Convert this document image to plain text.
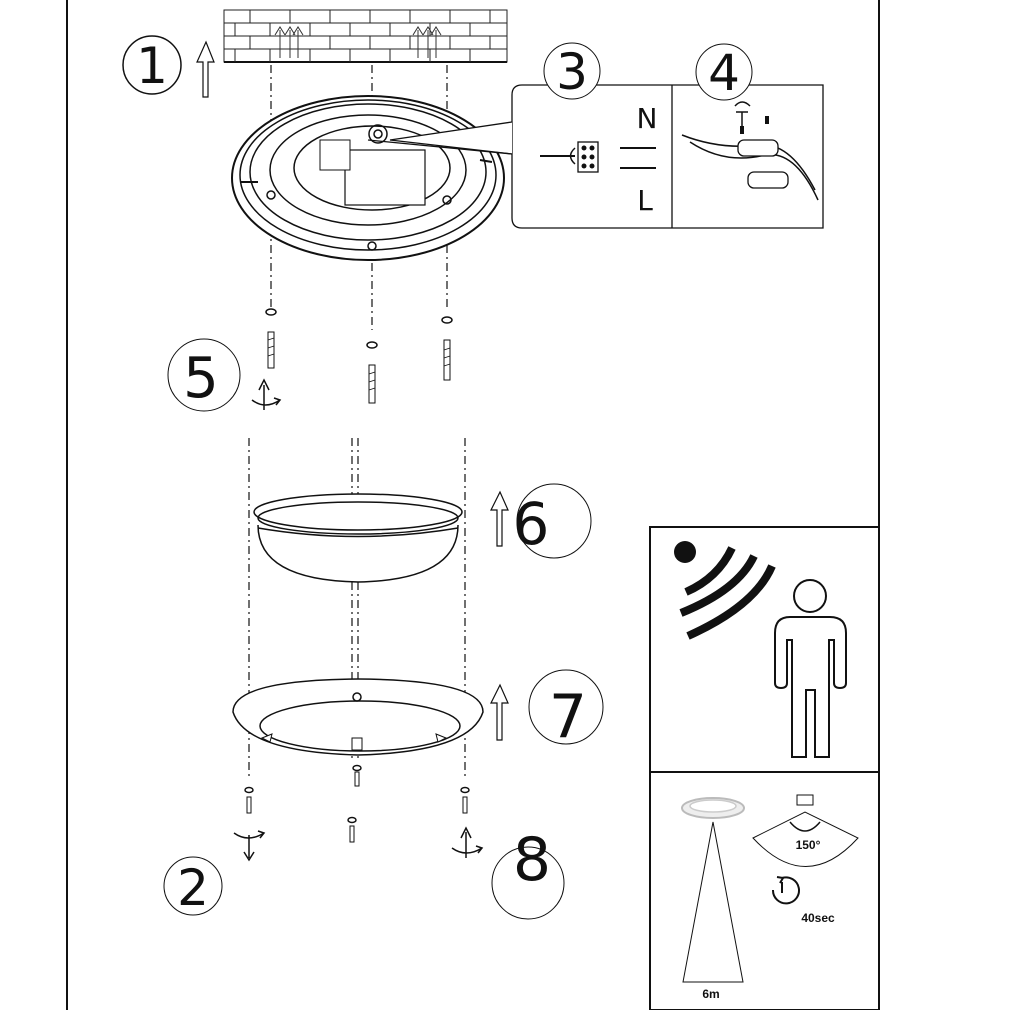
1
N
L
3 4
5
6
7
2	8
6m
150°
40sec
